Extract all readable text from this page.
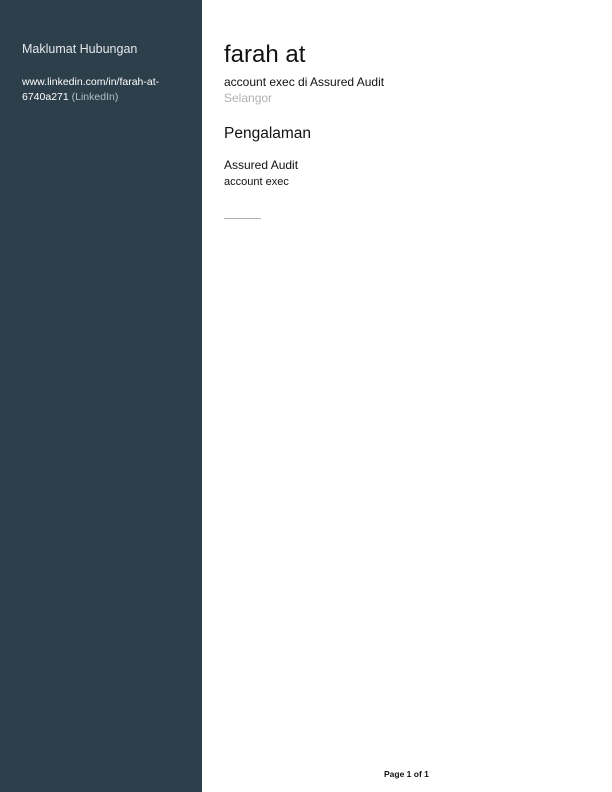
Maklumat Hubungan
www.linkedin.com/in/farah-at-6740a271 (LinkedIn)
farah at
account exec di Assured Audit
Selangor
Pengalaman
Assured Audit
account exec
Page 1 of 1
